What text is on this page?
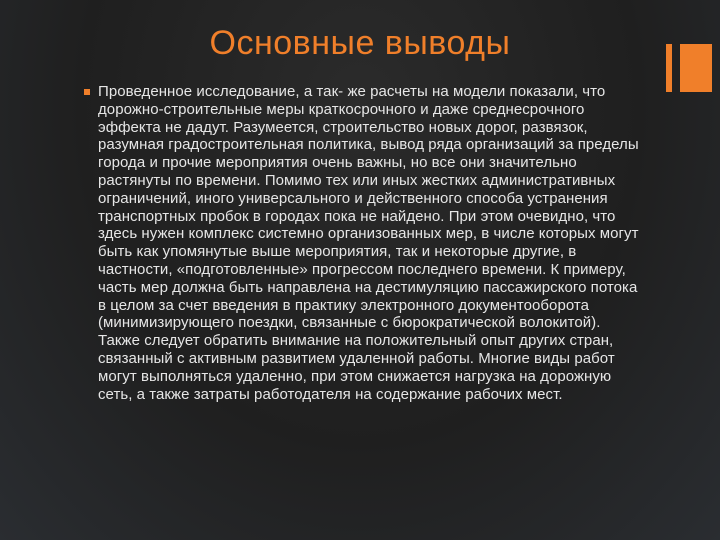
Основные выводы

Проведенное исследование, а так- же расчеты на модели показали, что дорожно-строительные меры краткосрочного и даже среднесрочного эффекта не дадут. Разумеется, строительство новых дорог, развязок, разумная градостроительная политика, вывод ряда организаций за пределы города и прочие мероприятия очень важны, но все они значительно растянуты по времени. Помимо тех или иных жестких административных ограничений, иного универсального и действенного способа устранения транспортных пробок в городах пока не найдено. При этом очевидно, что здесь нужен комплекс системно организованных мер, в числе которых могут быть как упомянутые выше мероприятия, так и некоторые другие, в частности, «подготовленные» прогрессом последнего времени. К примеру, часть мер должна быть направлена на дестимуляцию пассажирского потока в целом за счет введения в практику электронного документооборота (минимизирующего поездки, связанные с бюрократической волокитой). Также следует обратить внимание на положительный опыт других стран, связанный с активным развитием удаленной работы. Многие виды работ могут выполняться удаленно, при этом снижается нагрузка на дорожную сеть, а также затраты работодателя на содержание рабочих мест.
